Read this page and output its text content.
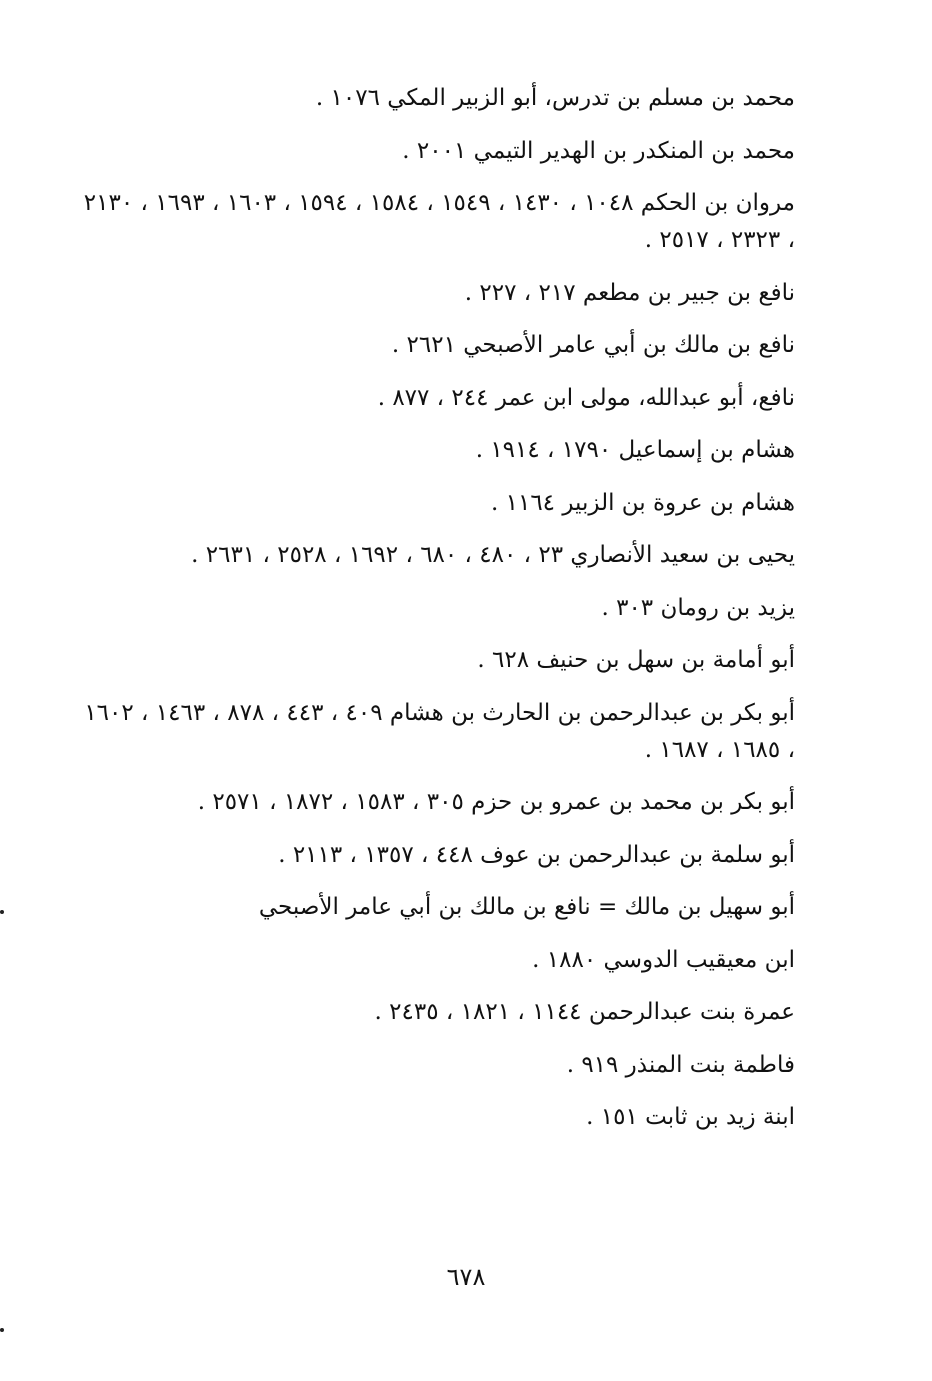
محمد بن مسلم بن تدرس، أبو الزبير المكي ١٠٧٦ .
محمد بن المنكدر بن الهدير التيمي ٢٠٠١ .
مروان بن الحكم ١٠٤٨ ، ١٤٣٠ ، ١٥٤٩ ، ١٥٨٤ ، ١٥٩٤ ، ١٦٠٣ ، ١٦٩٣ ، ٢١٣٠ ، ٢٣٢٣ ، ٢٥١٧ .
نافع بن جبير بن مطعم ٢١٧ ، ٢٢٧ .
نافع بن مالك بن أبي عامر الأصبحي ٢٦٢١ .
نافع، أبو عبدالله، مولى ابن عمر ٢٤٤ ، ٨٧٧ .
هشام بن إسماعيل ١٧٩٠ ، ١٩١٤ .
هشام بن عروة بن الزبير ١١٦٤ .
يحيى بن سعيد الأنصاري ٢٣ ، ٤٨٠ ، ٦٨٠ ، ١٦٩٢ ، ٢٥٢٨ ، ٢٦٣١ .
يزيد بن رومان ٣٠٣ .
أبو أمامة بن سهل بن حنيف ٦٢٨ .
أبو بكر بن عبدالرحمن بن الحارث بن هشام ٤٠٩ ، ٤٤٣ ، ٨٧٨ ، ١٤٦٣ ، ١٦٠٢ ، ١٦٨٥ ، ١٦٨٧ .
أبو بكر بن محمد بن عمرو بن حزم ٣٠٥ ، ١٥٨٣ ، ١٨٧٢ ، ٢٥٧١ .
أبو سلمة بن عبدالرحمن بن عوف ٤٤٨ ، ١٣٥٧ ، ٢١١٣ .
أبو سهيل بن مالك = نافع بن مالك بن أبي عامر الأصبحي
ابن معيقيب الدوسي ١٨٨٠ .
عمرة بنت عبدالرحمن ١١٤٤ ، ١٨٢١ ، ٢٤٣٥ .
فاطمة بنت المنذر ٩١٩ .
ابنة زيد بن ثابت ١٥١ .
٦٧٨
